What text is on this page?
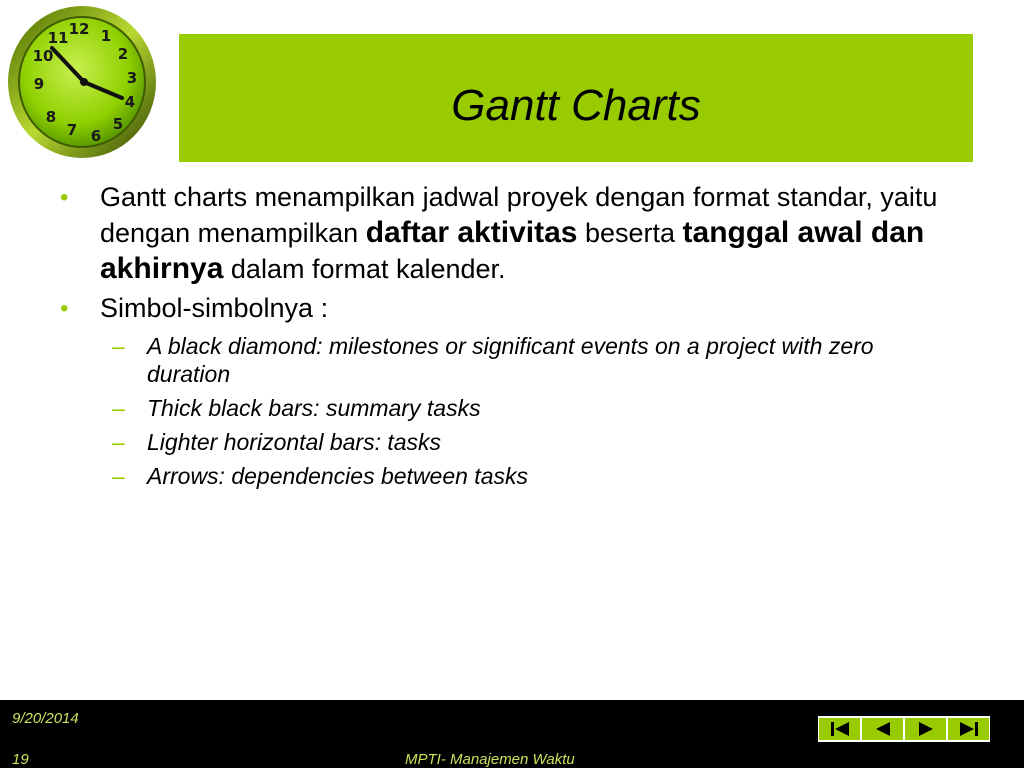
12 1
2
3
4
5
6
7
8
9
10
11
Gantt Charts
• Gantt charts menampilkan jadwal proyek dengan format standar, yaitu dengan menampilkan daftar aktivitas beserta tanggal awal dan akhirnya dalam format kalender.
• Simbol-simbolnya :
– A black diamond: milestones or significant events on a project with zero duration
– Thick black bars: summary tasks
– Lighter horizontal bars: tasks
– Arrows: dependencies between tasks
9/20/2014
19	MPTI- Manajemen Waktu
